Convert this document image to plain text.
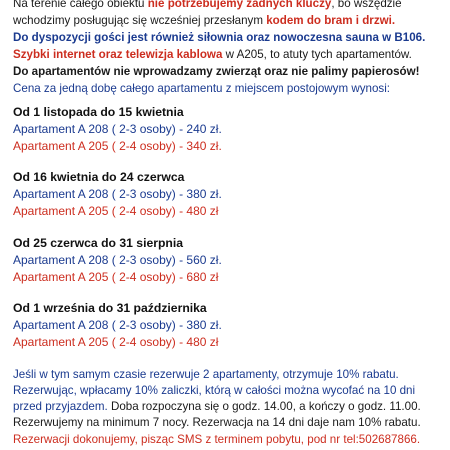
Na terenie całego obiektu nie potrzebujemy żadnych kluczy, bo wszędzie
wchodzimy posługując się wcześniej przesłanym kodem do bram i drzwi.
Do dyspozycji gości jest również siłownia oraz nowoczesna sauna w B106.
Szybki internet oraz telewizja kablowa w A205, to atuty tych apartamentów.
Do apartamentów nie wprowadzamy zwierząt oraz nie palimy papierosów!
Cena za jedną dobę całego apartamentu z miejscem postojowym wynosi:
Od 1 listopada do 15 kwietnia
Apartament A 208 ( 2-3 osoby) - 240 zł.
Apartament A 205 ( 2-4 osoby) - 340 zł.
Od 16 kwietnia do 24 czerwca
Apartament A 208 ( 2-3 osoby) - 380 zł.
Apartament A 205 ( 2-4 osoby) - 480 zł
Od 25 czerwca do 31 sierpnia
Apartament A 208 ( 2-3 osoby) - 560 zł.
Apartament A 205 ( 2-4 osoby) - 680 zł
Od 1 września do 31 października
Apartament A 208 ( 2-3 osoby) - 380 zł.
Apartament A 205 ( 2-4 osoby) - 480 zł
Jeśli w tym samym czasie rezerwuje 2 apartamenty, otrzymuje 10% rabatu.
Rezerwując, wpłacamy 10% zaliczki, którą w całości można wycofać na 10 dni
przed przyjazdem. Doba rozpoczyna się o godz. 14.00, a kończy o godz. 11.00.
Rezerwujemy na minimum 7 nocy. Rezerwacja na 14 dni daje nam 10% rabatu.
Rezerwacji dokonujemy, pisząc SMS z terminem pobytu, pod nr tel:502687866.
